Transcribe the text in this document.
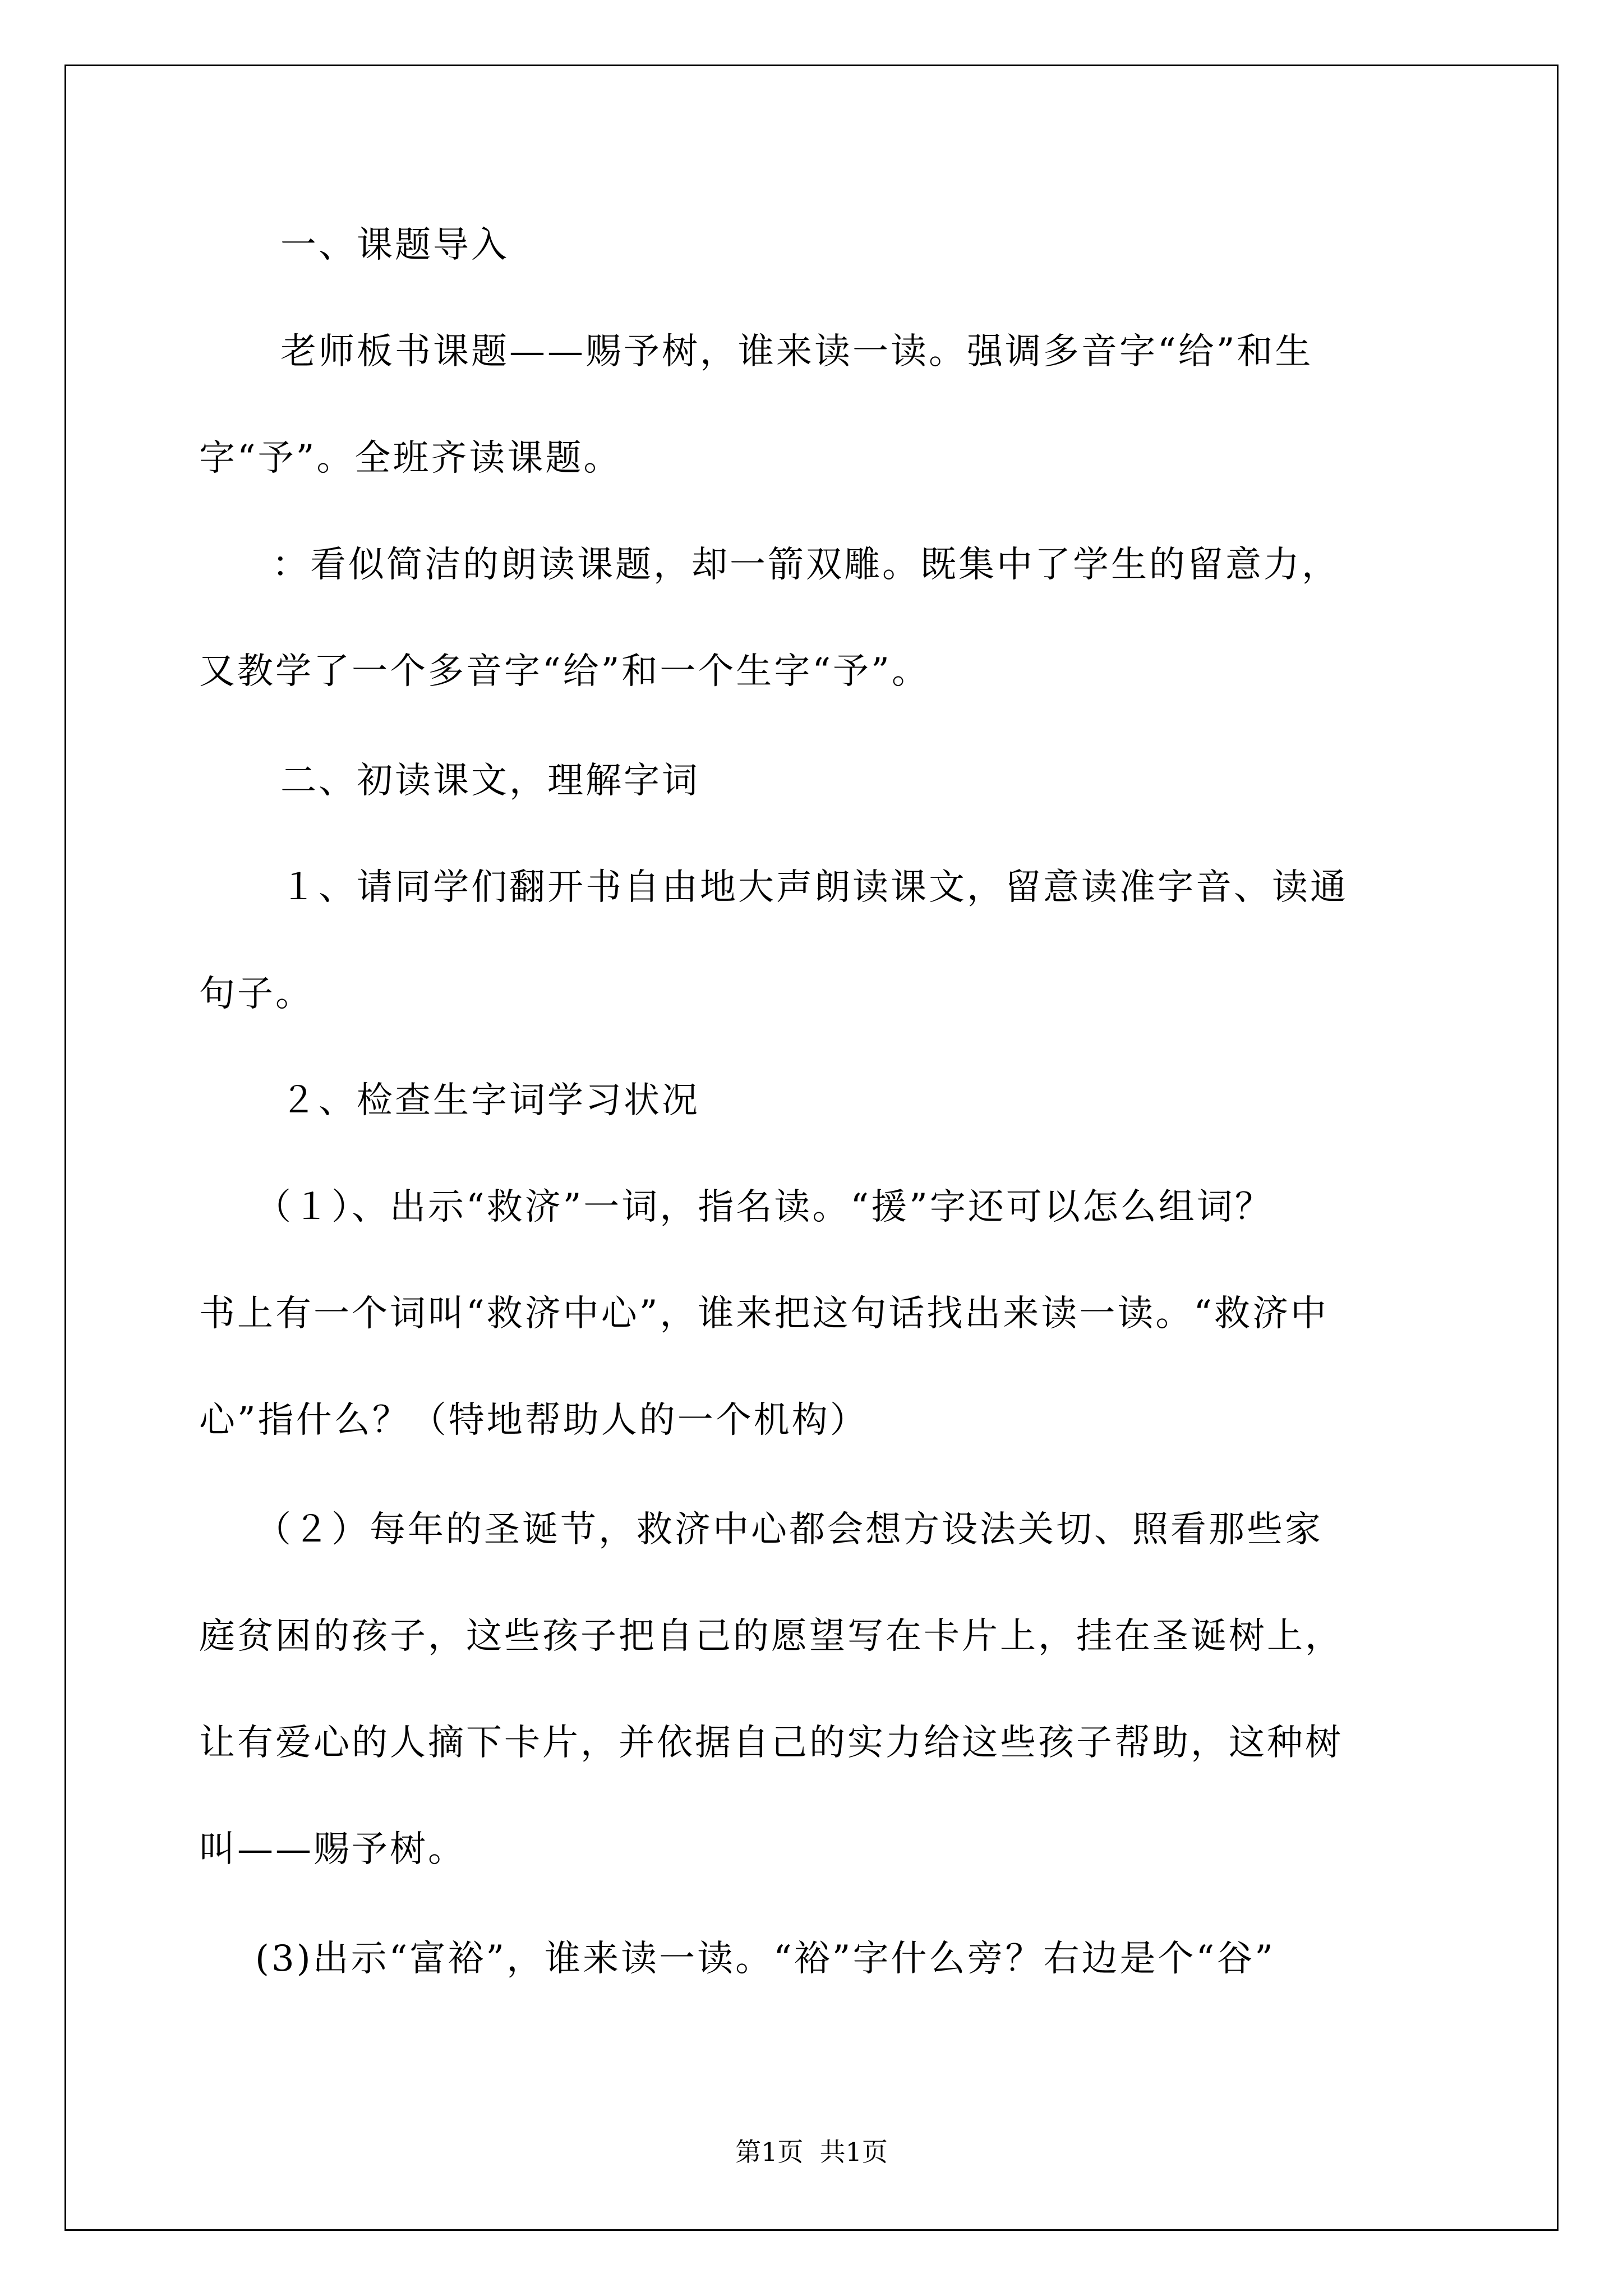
一、课题导入
老师板书课题——赐予树，谁来读一读。强调多音字“给”和生
字“予”。全班齐读课题。
：看似简洁的朗读课题，却一箭双雕。既集中了学生的留意力，
又教学了一个多音字“给”和一个生字“予”。
二、初读课文，理解字词
１、请同学们翻开书自由地大声朗读课文，留意读准字音、读通
句子。
２、检查生字词学习状况
（１）、出示“救济”一词，指名读。“援”字还可以怎么组词？
书上有一个词叫“救济中心”，谁来把这句话找出来读一读。“救济中
心”指什么？（特地帮助人的一个机构）
（２）每年的圣诞节，救济中心都会想方设法关切、照看那些家
庭贫困的孩子，这些孩子把自己的愿望写在卡片上，挂在圣诞树上，
让有爱心的人摘下卡片，并依据自己的实力给这些孩子帮助，这种树
叫——赐予树。
(3)出示“富裕”，谁来读一读。“裕”字什么旁？右边是个“谷”
第1页  共1页
